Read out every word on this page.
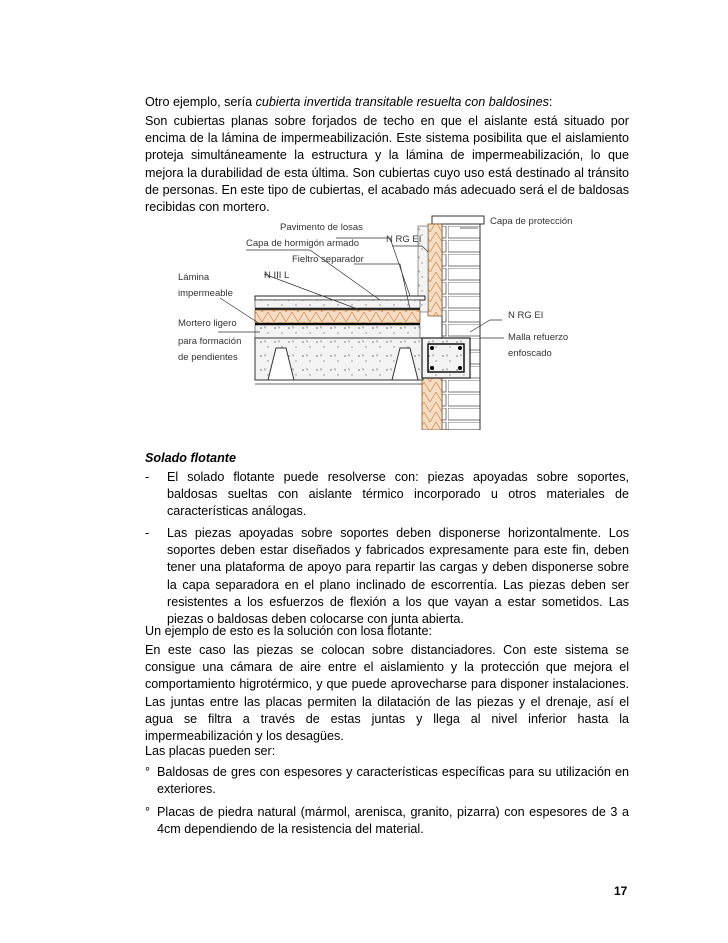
Otro ejemplo, sería cubierta invertida transitable resuelta con baldosines:

Son cubiertas planas sobre forjados de techo en que el aislante está situado por encima de la lámina de impermeabilización. Este sistema posibilita que el aislamiento proteja simultáneamente la estructura y la lámina de impermeabilización, lo que mejora la durabilidad de esta última. Son cubiertas cuyo uso está destinado al tránsito de personas. En este tipo de cubiertas, el acabado más adecuado será el de baldosas recibidas con mortero.

Capa de protección
Pavimento de losas
Capa de hormigón armado	N RG EI
Fieltro separador
N III L
Lámina
impermeable
Mortero ligero
para formación
de pendientes
N RG EI
Malla refuerzo
enfoscado

Solado flotante

- El solado flotante puede resolverse con: piezas apoyadas sobre soportes, baldosas sueltas con aislante térmico incorporado u otros materiales de características análogas.
- Las piezas apoyadas sobre soportes deben disponerse horizontalmente. Los soportes deben estar diseñados y fabricados expresamente para este fin, deben tener una plataforma de apoyo para repartir las cargas y deben disponerse sobre la capa separadora en el plano inclinado de escorrentía. Las piezas deben ser resistentes a los esfuerzos de flexión a los que vayan a estar sometidos. Las piezas o baldosas deben colocarse con junta abierta.

Un ejemplo de esto es la solución con losa flotante:

En este caso las piezas se colocan sobre distanciadores. Con este sistema se consigue una cámara de aire entre el aislamiento y la protección que mejora el comportamiento higrotérmico, y que puede aprovecharse para disponer instalaciones. Las juntas entre las placas permiten la dilatación de las piezas y el drenaje, así el agua se filtra a través de estas juntas y llega al nivel inferior hasta la impermeabilización y los desagües.

Las placas pueden ser:

° Baldosas de gres con espesores y características específicas para su utilización en exteriores.
° Placas de piedra natural (mármol, arenisca, granito, pizarra) con espesores de 3 a 4cm dependiendo de la resistencia del material.
17
